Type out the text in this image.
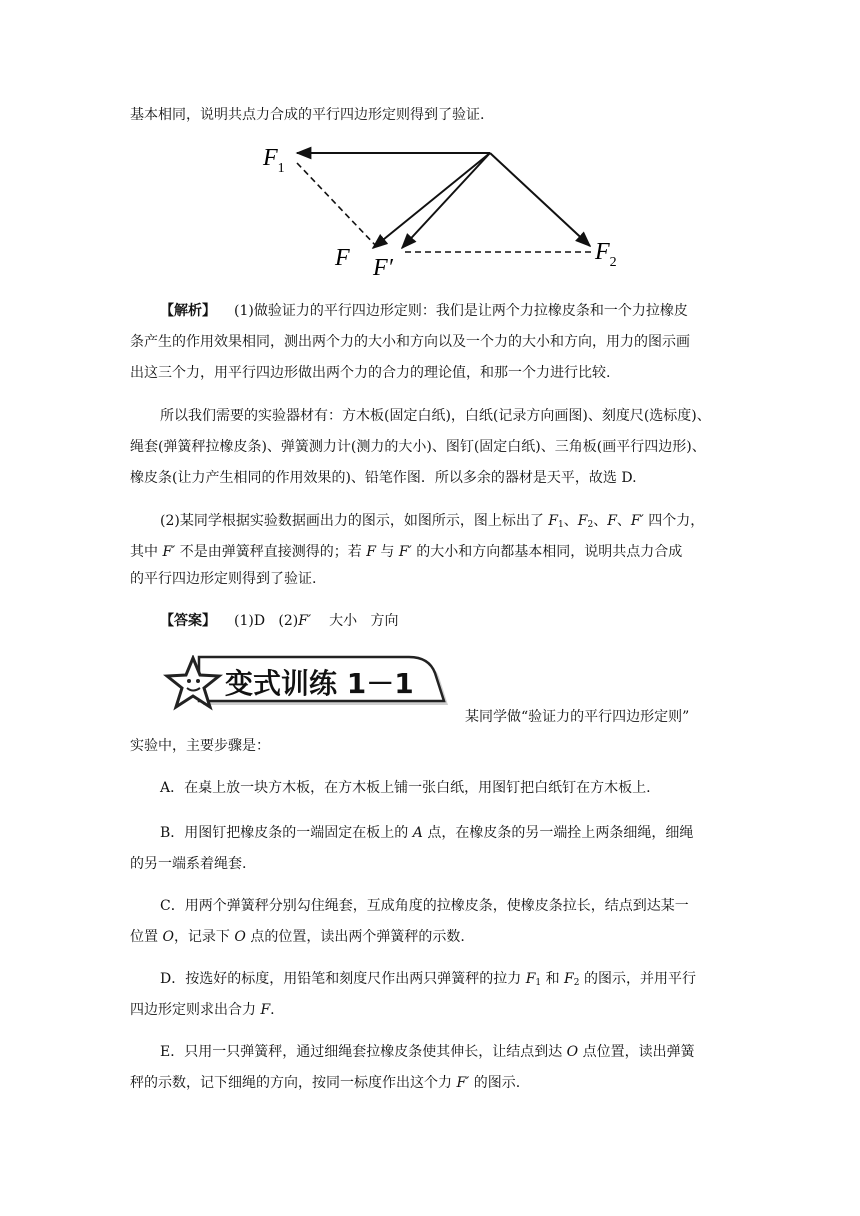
基本相同，说明共点力合成的平行四边形定则得到了验证.
$F_1$
F F′
$F_2$
【解析】 (1)做验证力的平行四边形定则：我们是让两个力拉橡皮条和一个力拉橡皮
条产生的作用效果相同，测出两个力的大小和方向以及一个力的大小和方向，用力的图示画
出这三个力，用平行四边形做出两个力的合力的理论值，和那一个力进行比较.
所以我们需要的实验器材有：方木板(固定白纸)，白纸(记录方向画图)、刻度尺(选标度)、
绳套(弹簧秤拉橡皮条)、弹簧测力计(测力的大小)、图钉(固定白纸)、三角板(画平行四边形)、
橡皮条(让力产生相同的作用效果的)、铅笔作图．所以多余的器材是天平，故选 D.
(2)某同学根据实验数据画出力的图示，如图所示，图上标出了 $F_1$、$F_2$、F、F′ 四个力，
其中 F′ 不是由弹簧秤直接测得的；若 F 与 F′ 的大小和方向都基本相同，说明共点力合成
的平行四边形定则得到了验证.
【答案】 (1)D (2)F′ 大小 方向
变式训练 1－1
某同学做“验证力的平行四边形定则”
实验中，主要步骤是：
A．在桌上放一块方木板，在方木板上铺一张白纸，用图钉把白纸钉在方木板上.
B．用图钉把橡皮条的一端固定在板上的 A 点，在橡皮条的另一端拴上两条细绳，细绳
的另一端系着绳套.
C．用两个弹簧秤分别勾住绳套，互成角度的拉橡皮条，使橡皮条拉长，结点到达某一
位置 O，记录下 O 点的位置，读出两个弹簧秤的示数.
D．按选好的标度，用铅笔和刻度尺作出两只弹簧秤的拉力 $F_1$ 和 $F_2$ 的图示，并用平行
四边形定则求出合力 F.
E．只用一只弹簧秤，通过细绳套拉橡皮条使其伸长，让结点到达 O 点位置，读出弹簧
秤的示数，记下细绳的方向，按同一标度作出这个力 F′ 的图示.
